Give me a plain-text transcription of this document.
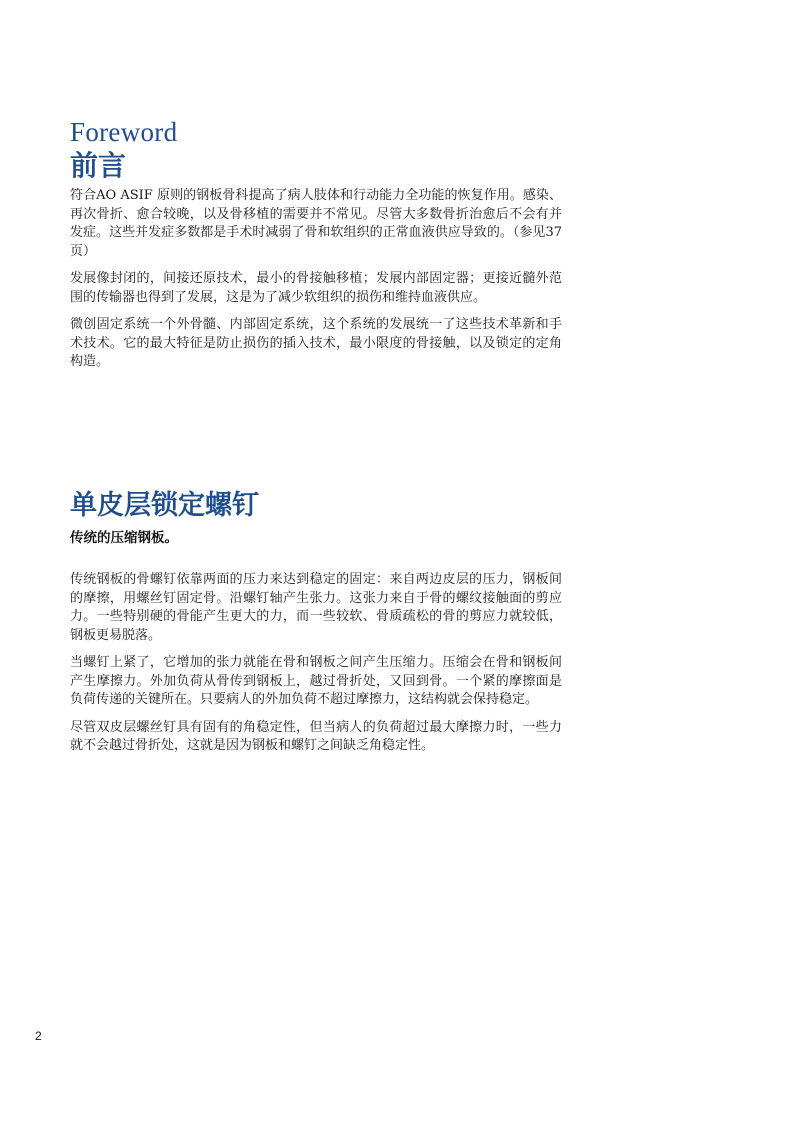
Foreword
前言

符合AO ASIF 原则的钢板骨科提高了病人肢体和行动能力全功能的恢复作用。感染、再次骨折、愈合较晚，以及骨移植的需要并不常见。尽管大多数骨折治愈后不会有并发症。这些并发症多数都是手术时减弱了骨和软组织的正常血液供应导致的。（参见37页）

发展像封闭的，间接还原技术，最小的骨接触移植；发展内部固定器；更接近髓外范围的传输器也得到了发展，这是为了减少软组织的损伤和维持血液供应。

微创固定系统一个外骨髓、内部固定系统，这个系统的发展统一了这些技术革新和手术技术。它的最大特征是防止损伤的插入技术，最小限度的骨接触，以及锁定的定角构造。

单皮层锁定螺钉
传统的压缩钢板。

传统钢板的骨螺钉依靠两面的压力来达到稳定的固定：来自两边皮层的压力，钢板间的摩擦，用螺丝钉固定骨。沿螺钉轴产生张力。这张力来自于骨的螺纹接触面的剪应力。一些特别硬的骨能产生更大的力，而一些较软、骨质疏松的骨的剪应力就较低，钢板更易脱落。

当螺钉上紧了，它增加的张力就能在骨和钢板之间产生压缩力。压缩会在骨和钢板间产生摩擦力。外加负荷从骨传到钢板上，越过骨折处，又回到骨。一个紧的摩擦面是负荷传递的关键所在。只要病人的外加负荷不超过摩擦力，这结构就会保持稳定。

尽管双皮层螺丝钉具有固有的角稳定性，但当病人的负荷超过最大摩擦力时，一些力就不会越过骨折处，这就是因为钢板和螺钉之间缺乏角稳定性。

2
